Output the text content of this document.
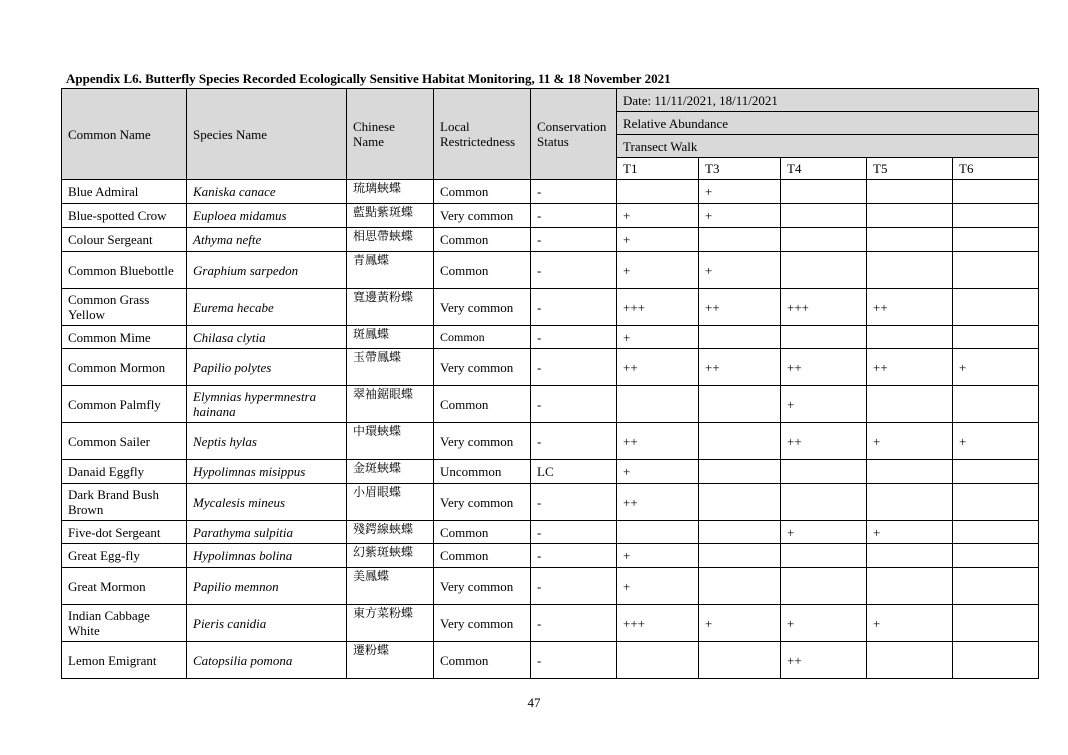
Appendix L6. Butterfly Species Recorded Ecologically Sensitive Habitat Monitoring, 11 & 18 November 2021
Common Name	Species Name	Chinese Name	Local Restrictedness	Conservation Status	Date: 11/11/2021, 18/11/2021				
					Relative Abundance				
					Transect Walk				
					T1	T3	T4	T5	T6
Blue Admiral	Kaniska canace	琉璃蛺蝶	Common	-		+			
Blue-spotted Crow	Euploea midamus	藍點紫斑蝶	Very common	-	+	+			
Colour Sergeant	Athyma nefte	相思帶蛺蝶	Common	-	+				
Common Bluebottle	Graphium sarpedon	青鳳蝶	Common	-	+	+			
Common Grass Yellow	Eurema hecabe	寬邊黃粉蝶	Very common	-	+++	++	+++	++	
Common Mime	Chilasa clytia	斑鳳蝶	Common	-	+				
Common Mormon	Papilio polytes	玉帶鳳蝶	Very common	-	++	++	++	++	+
Common Palmfly	Elymnias hypermnestra hainana	翠袖鋸眼蝶	Common	-			+		
Common Sailer	Neptis hylas	中環蛺蝶	Very common	-	++		++	+	+
Danaid Eggfly	Hypolimnas misippus	金斑蛺蝶	Uncommon	LC	+				
Dark Brand Bush Brown	Mycalesis mineus	小眉眼蝶	Very common	-	++				
Five-dot Sergeant	Parathyma sulpitia	殘鍔線蛺蝶	Common	-			+	+	
Great Egg-fly	Hypolimnas bolina	幻紫斑蛺蝶	Common	-	+				
Great Mormon	Papilio memnon	美鳳蝶	Very common	-	+				
Indian Cabbage White	Pieris canidia	東方菜粉蝶	Very common	-	+++	+	+	+	
Lemon Emigrant	Catopsilia pomona	遷粉蝶	Common	-			++		
47
